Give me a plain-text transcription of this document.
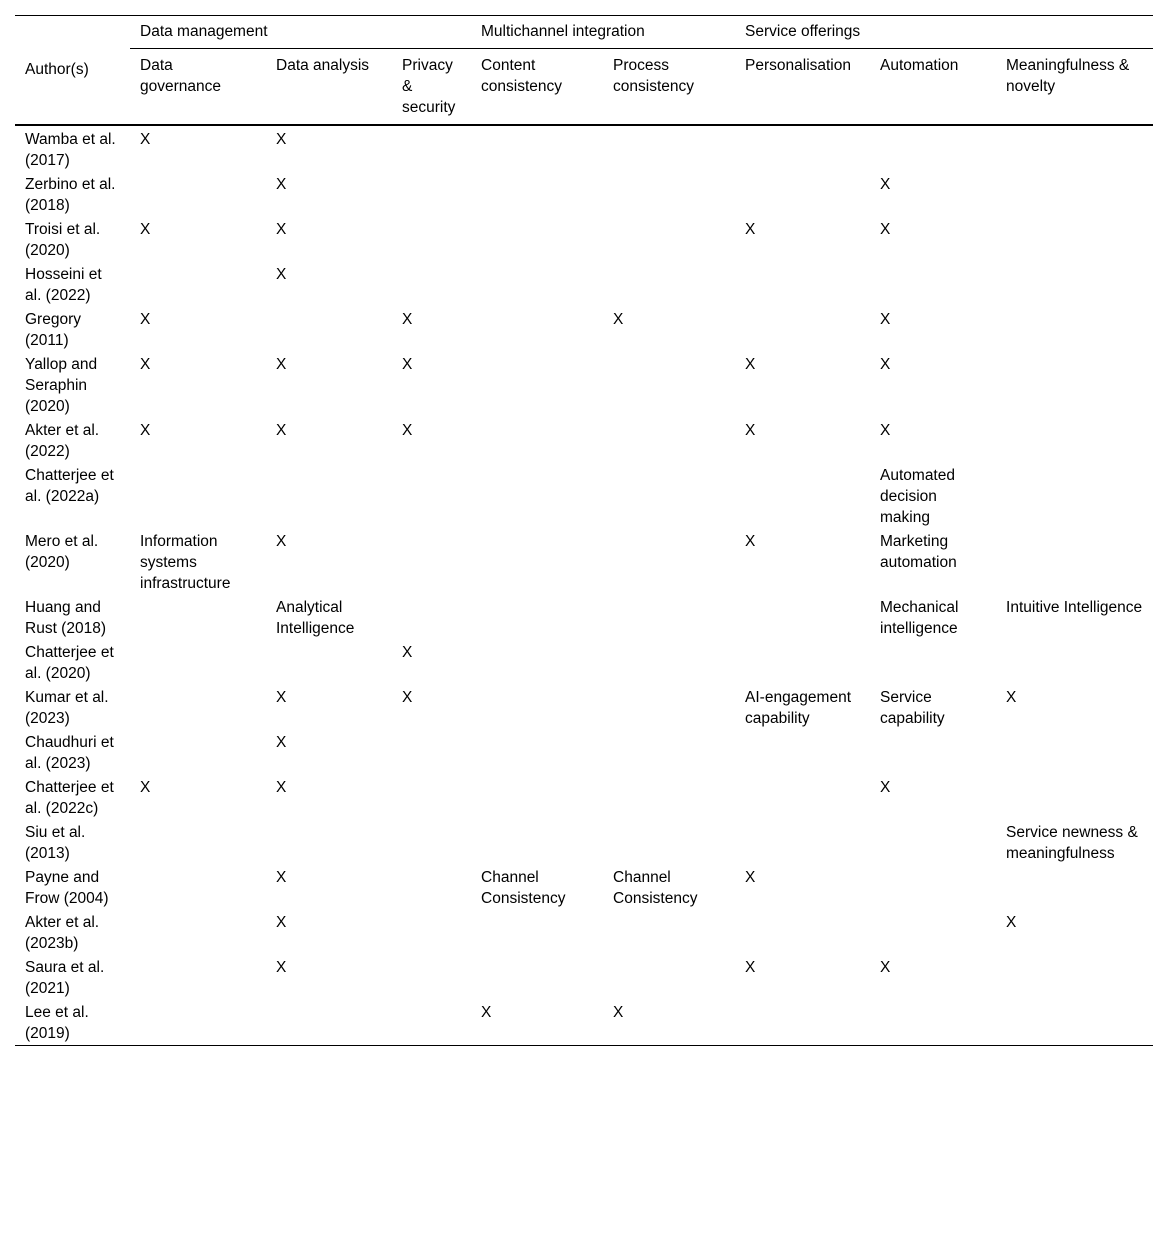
Author(s)	Data management			Multichannel integration		Service offerings		
	Data governance	Data analysis	Privacy & security	Content consistency	Process consistency	Personalisation	Automation	Meaningfulness & novelty
Wamba et al. (2017)	X	X						
Zerbino et al. (2018)		X					X	
Troisi et al. (2020)	X	X				X	X	
Hosseini et al. (2022)		X						
Gregory (2011)	X		X		X		X	
Yallop and Seraphin (2020)	X	X	X			X	X	
Akter et al. (2022)	X	X	X			X	X	
Chatterjee et al. (2022a)							Automated decision making	
Mero et al. (2020)	Information systems infrastructure	X				X	Marketing automation	
Huang and Rust (2018)		Analytical Intelligence					Mechanical intelligence	Intuitive Intelligence
Chatterjee et al. (2020)			X					
Kumar et al. (2023)		X	X			AI-engagement capability	Service capability	X
Chaudhuri et al. (2023)		X						
Chatterjee et al. (2022c)	X	X					X	
Siu et al. (2013)								Service newness & meaningfulness
Payne and Frow (2004)		X		Channel Consistency	Channel Consistency	X		
Akter et al. (2023b)		X						X
Saura et al. (2021)		X				X	X	
Lee et al. (2019)				X	X			
